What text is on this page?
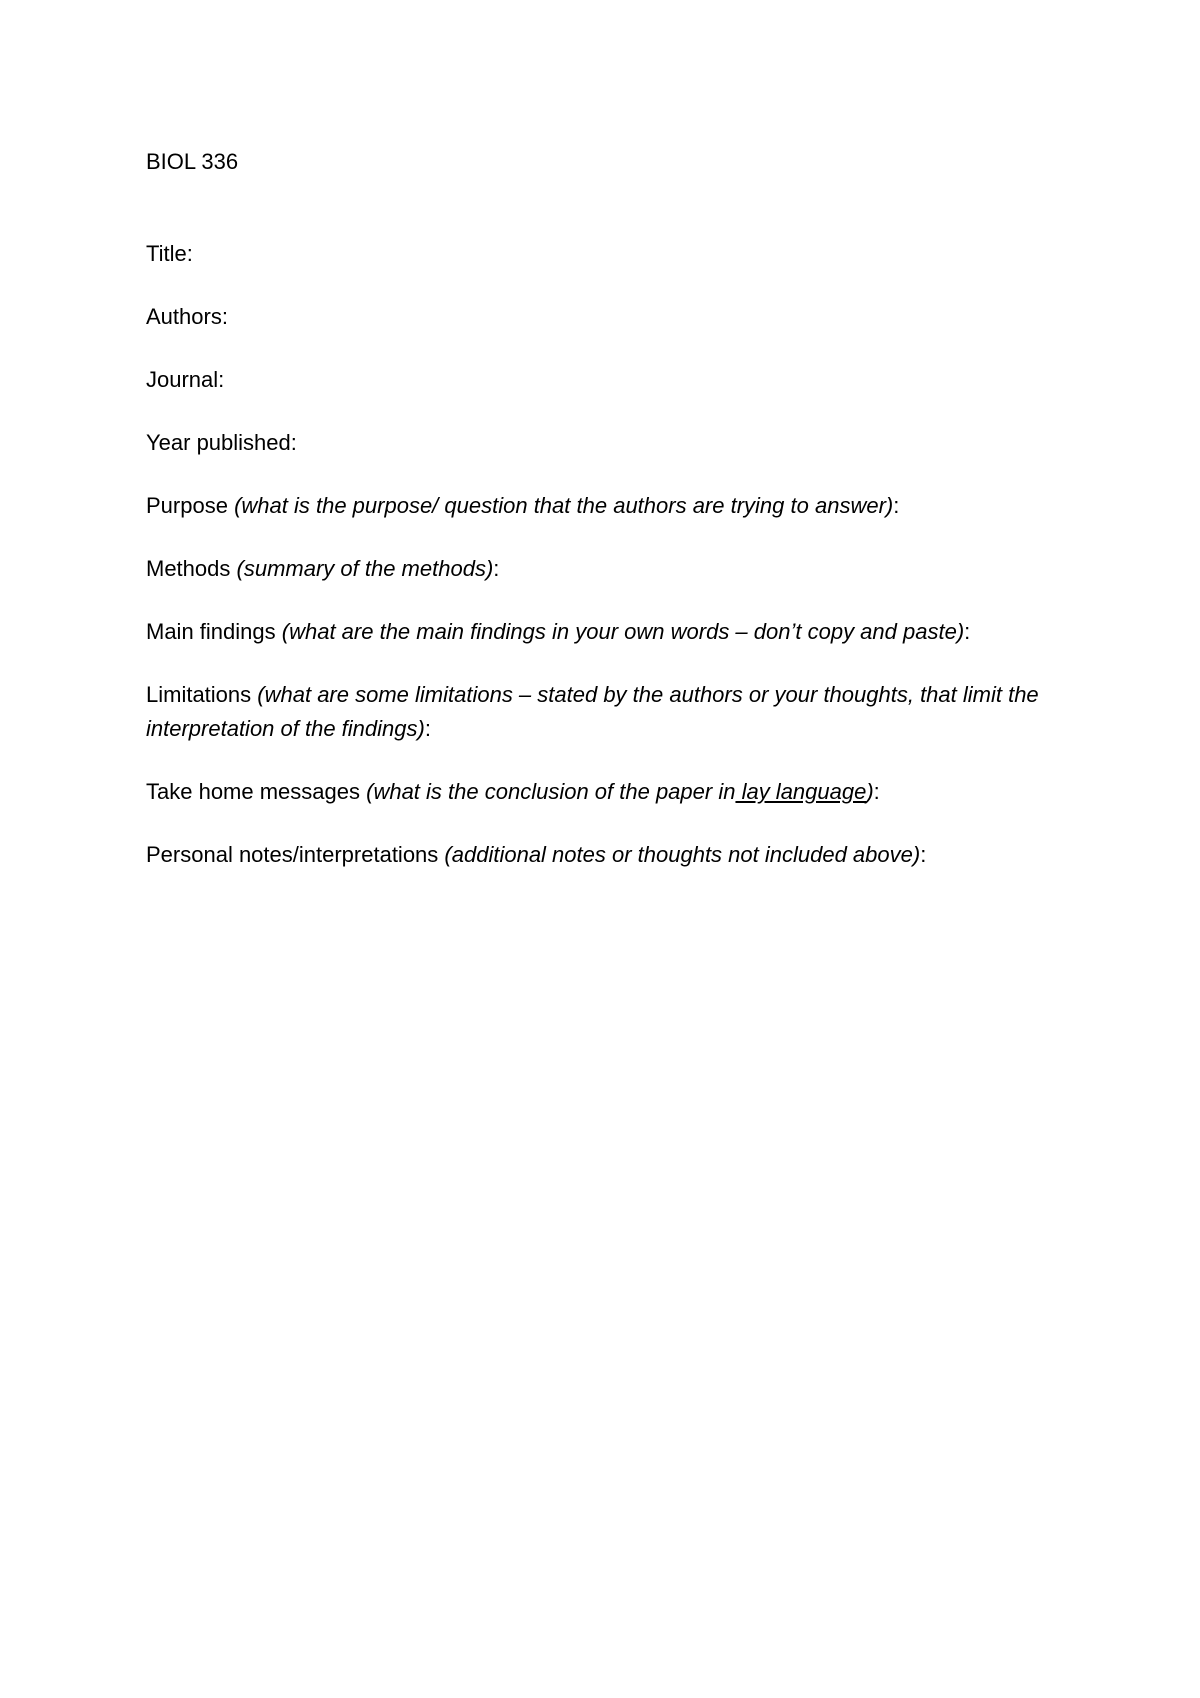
BIOL 336
Title:
Authors:
Journal:
Year published:
Purpose (what is the purpose/ question that the authors are trying to answer):
Methods (summary of the methods):
Main findings (what are the main findings in your own words – don’t copy and paste):
Limitations (what are some limitations – stated by the authors or your thoughts, that limit the interpretation of the findings):
Take home messages (what is the conclusion of the paper in lay language):
Personal notes/interpretations (additional notes or thoughts not included above):
